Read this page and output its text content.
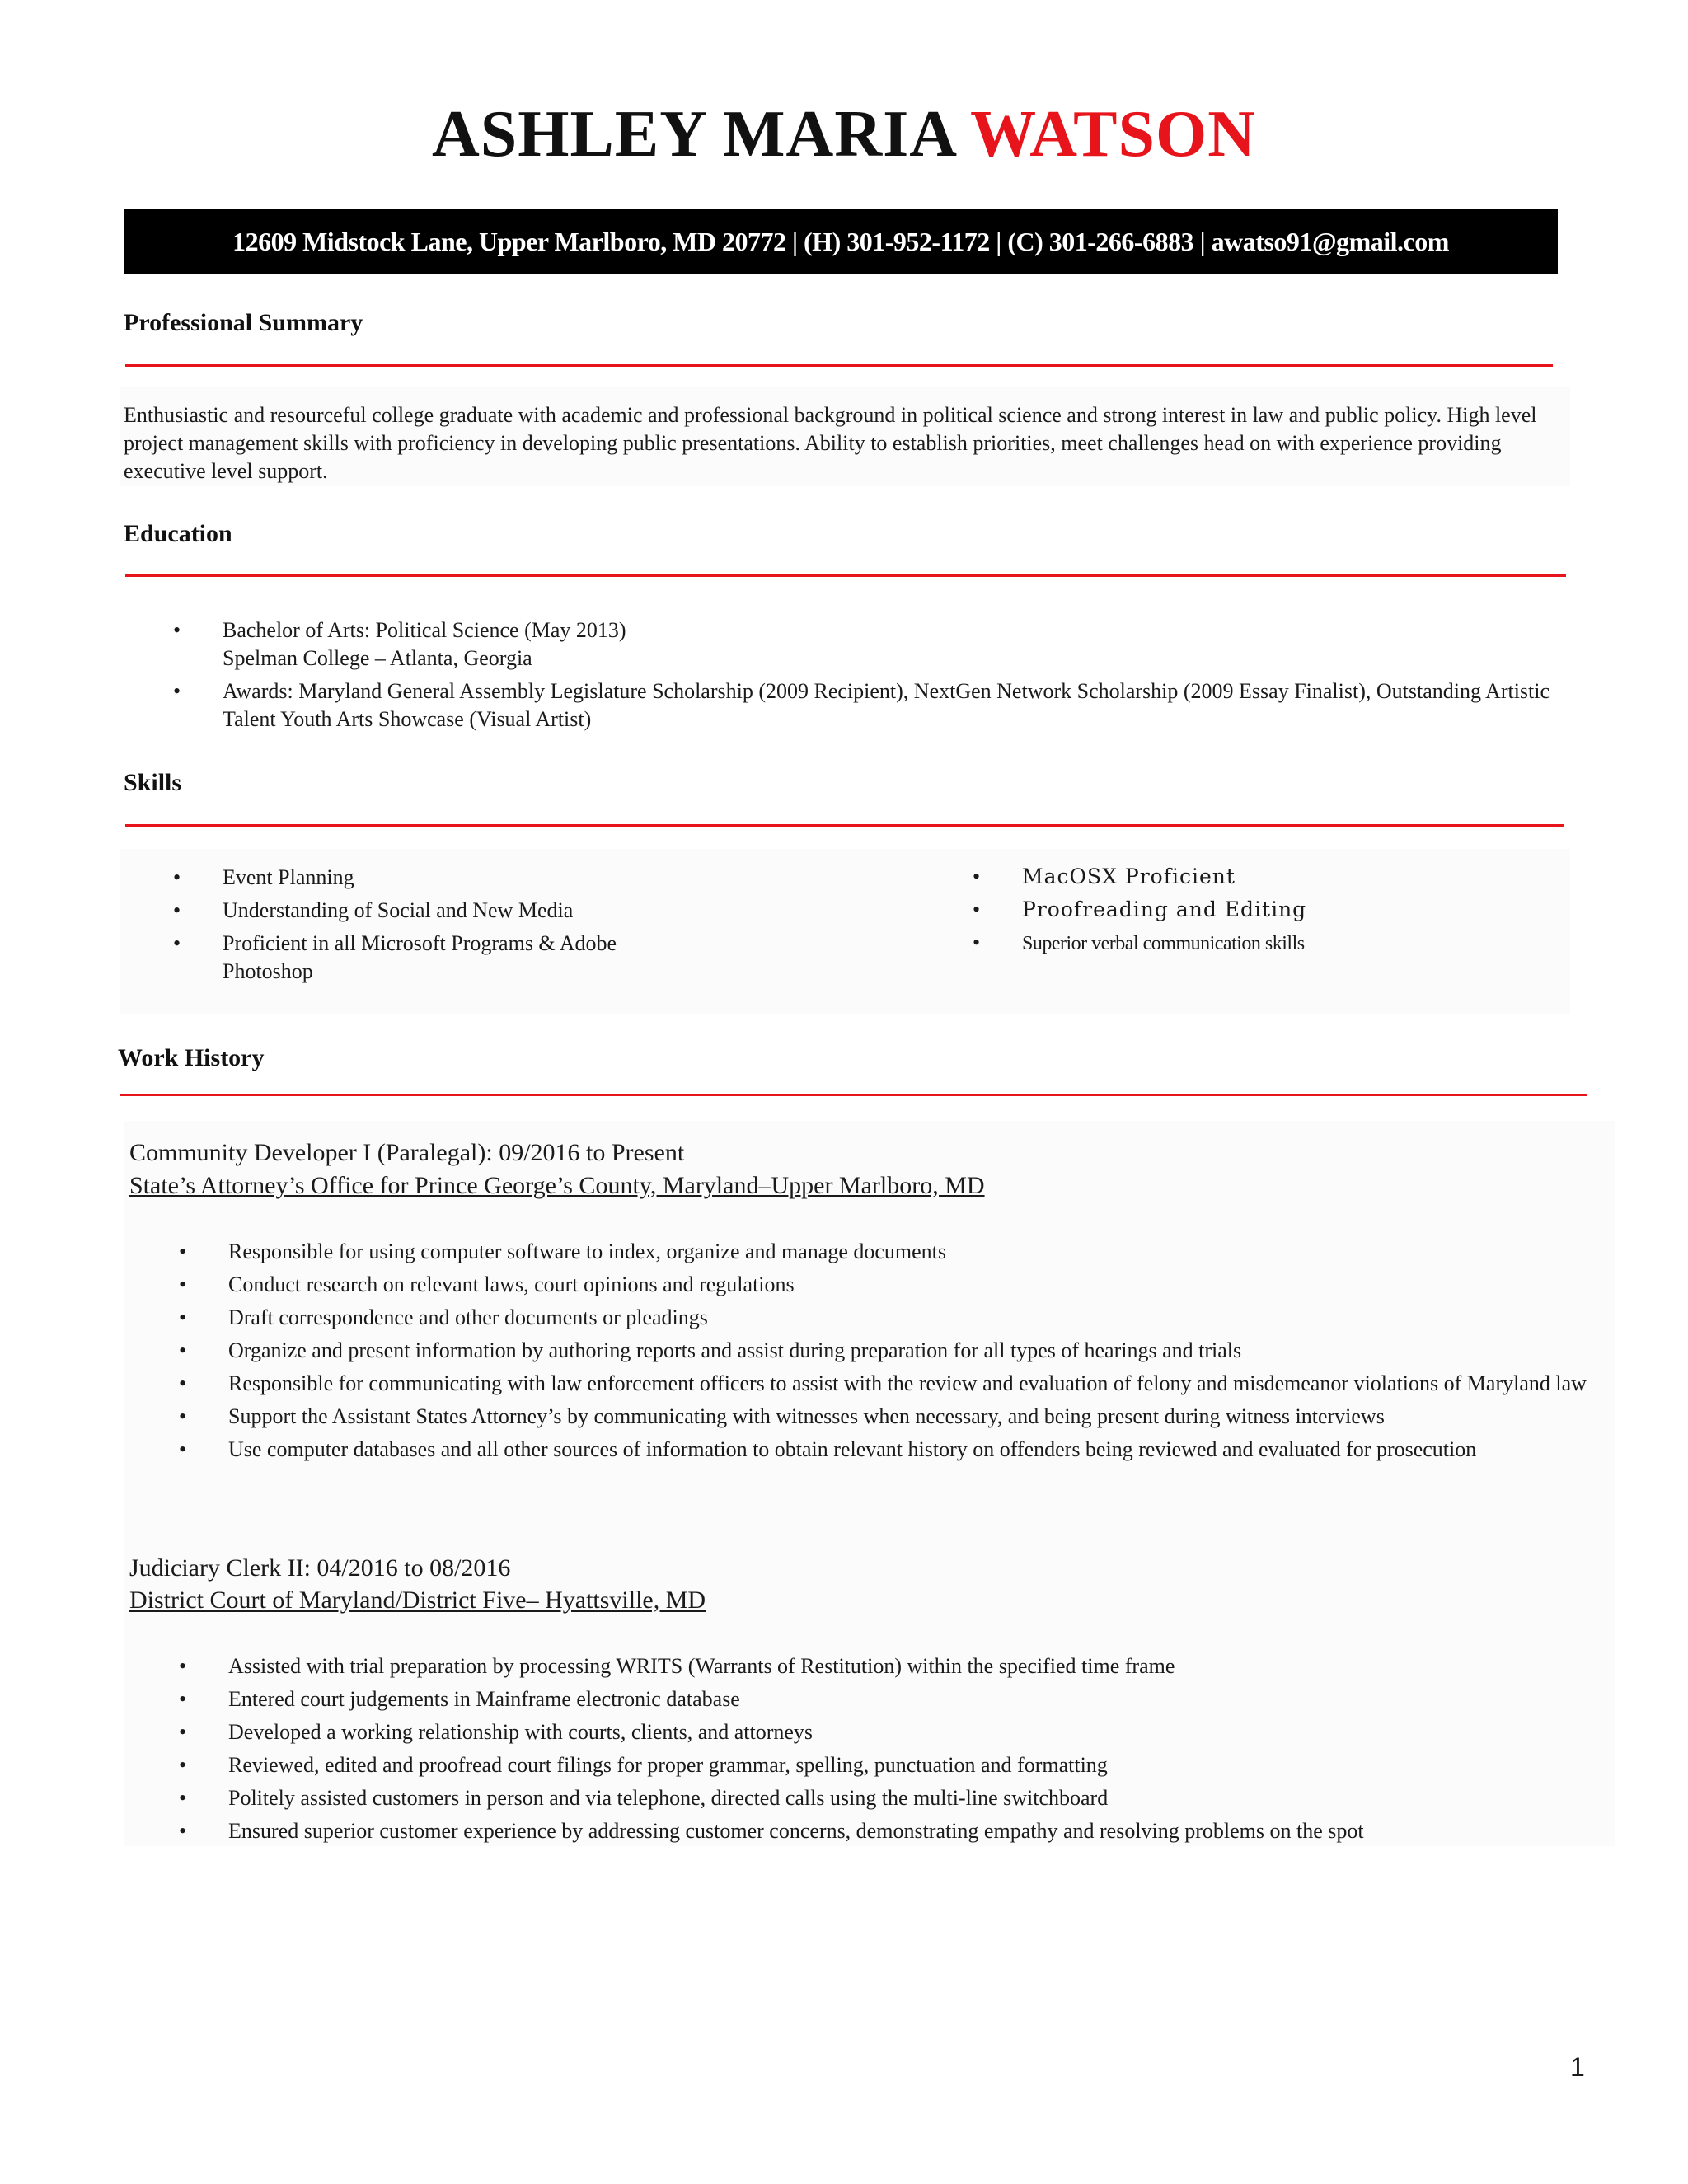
ASHLEY MARIA WATSON
12609 Midstock Lane, Upper Marlboro, MD 20772 | (H) 301-952-1172 | (C) 301-266-6883 | awatso91@gmail.com
Professional Summary
Enthusiastic and resourceful college graduate with academic and professional background in political science and strong interest in law and public policy. High level project management skills with proficiency in developing public presentations. Ability to establish priorities, meet challenges head on with experience providing executive level support.
Education
• Bachelor of Arts: Political Science (May 2013)
Spelman College – Atlanta, Georgia
• Awards: Maryland General Assembly Legislature Scholarship (2009 Recipient), NextGen Network Scholarship (2009 Essay Finalist), Outstanding Artistic Talent Youth Arts Showcase (Visual Artist)
Skills
• Event Planning
• Understanding of Social and New Media
• Proficient in all Microsoft Programs & Adobe Photoshop
• MacOSX Proficient
• Proofreading and Editing
• Superior verbal communication skills
Work History
Community Developer I (Paralegal): 09/2016 to Present
State’s Attorney’s Office for Prince George’s County, Maryland–Upper Marlboro, MD
• Responsible for using computer software to index, organize and manage documents
• Conduct research on relevant laws, court opinions and regulations
• Draft correspondence and other documents or pleadings
• Organize and present information by authoring reports and assist during preparation for all types of hearings and trials
• Responsible for communicating with law enforcement officers to assist with the review and evaluation of felony and misdemeanor violations of Maryland law
• Support the Assistant States Attorney’s by communicating with witnesses when necessary, and being present during witness interviews
• Use computer databases and all other sources of information to obtain relevant history on offenders being reviewed and evaluated for prosecution
Judiciary Clerk II: 04/2016 to 08/2016
District Court of Maryland/District Five– Hyattsville, MD
• Assisted with trial preparation by processing WRITS (Warrants of Restitution) within the specified time frame
• Entered court judgements in Mainframe electronic database
• Developed a working relationship with courts, clients, and attorneys
• Reviewed, edited and proofread court filings for proper grammar, spelling, punctuation and formatting
• Politely assisted customers in person and via telephone, directed calls using the multi-line switchboard
• Ensured superior customer experience by addressing customer concerns, demonstrating empathy and resolving problems on the spot
1
